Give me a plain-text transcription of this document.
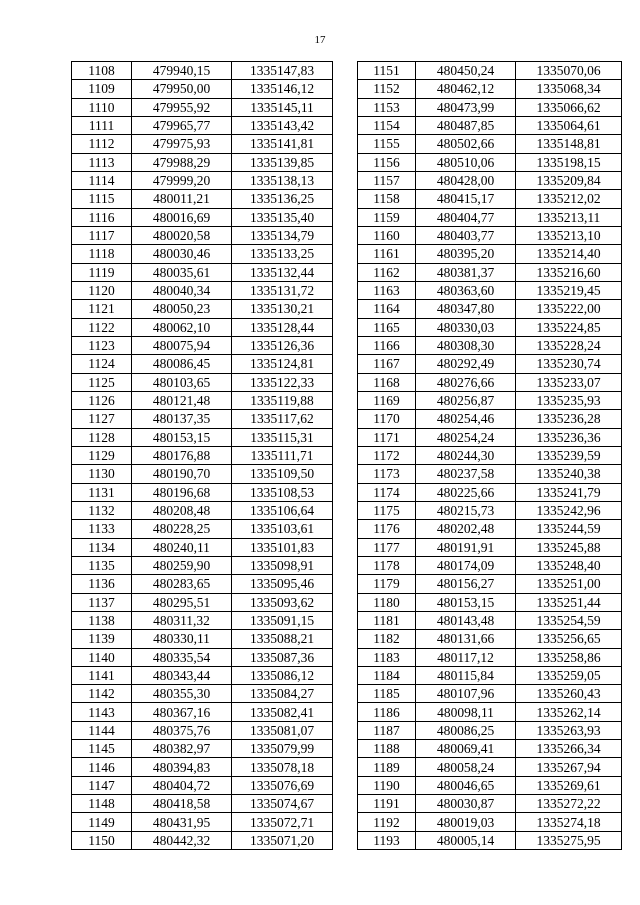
17
1108	479940,15	1335147,83
1109	479950,00	1335146,12
1110	479955,92	1335145,11
1111	479965,77	1335143,42
1112	479975,93	1335141,81
1113	479988,29	1335139,85
1114	479999,20	1335138,13
1115	480011,21	1335136,25
1116	480016,69	1335135,40
1117	480020,58	1335134,79
1118	480030,46	1335133,25
1119	480035,61	1335132,44
1120	480040,34	1335131,72
1121	480050,23	1335130,21
1122	480062,10	1335128,44
1123	480075,94	1335126,36
1124	480086,45	1335124,81
1125	480103,65	1335122,33
1126	480121,48	1335119,88
1127	480137,35	1335117,62
1128	480153,15	1335115,31
1129	480176,88	1335111,71
1130	480190,70	1335109,50
1131	480196,68	1335108,53
1132	480208,48	1335106,64
1133	480228,25	1335103,61
1134	480240,11	1335101,83
1135	480259,90	1335098,91
1136	480283,65	1335095,46
1137	480295,51	1335093,62
1138	480311,32	1335091,15
1139	480330,11	1335088,21
1140	480335,54	1335087,36
1141	480343,44	1335086,12
1142	480355,30	1335084,27
1143	480367,16	1335082,41
1144	480375,76	1335081,07
1145	480382,97	1335079,99
1146	480394,83	1335078,18
1147	480404,72	1335076,69
1148	480418,58	1335074,67
1149	480431,95	1335072,71
1150	480442,32	1335071,20
1151	480450,24	1335070,06
1152	480462,12	1335068,34
1153	480473,99	1335066,62
1154	480487,85	1335064,61
1155	480502,66	1335148,81
1156	480510,06	1335198,15
1157	480428,00	1335209,84
1158	480415,17	1335212,02
1159	480404,77	1335213,11
1160	480403,77	1335213,10
1161	480395,20	1335214,40
1162	480381,37	1335216,60
1163	480363,60	1335219,45
1164	480347,80	1335222,00
1165	480330,03	1335224,85
1166	480308,30	1335228,24
1167	480292,49	1335230,74
1168	480276,66	1335233,07
1169	480256,87	1335235,93
1170	480254,46	1335236,28
1171	480254,24	1335236,36
1172	480244,30	1335239,59
1173	480237,58	1335240,38
1174	480225,66	1335241,79
1175	480215,73	1335242,96
1176	480202,48	1335244,59
1177	480191,91	1335245,88
1178	480174,09	1335248,40
1179	480156,27	1335251,00
1180	480153,15	1335251,44
1181	480143,48	1335254,59
1182	480131,66	1335256,65
1183	480117,12	1335258,86
1184	480115,84	1335259,05
1185	480107,96	1335260,43
1186	480098,11	1335262,14
1187	480086,25	1335263,93
1188	480069,41	1335266,34
1189	480058,24	1335267,94
1190	480046,65	1335269,61
1191	480030,87	1335272,22
1192	480019,03	1335274,18
1193	480005,14	1335275,95
